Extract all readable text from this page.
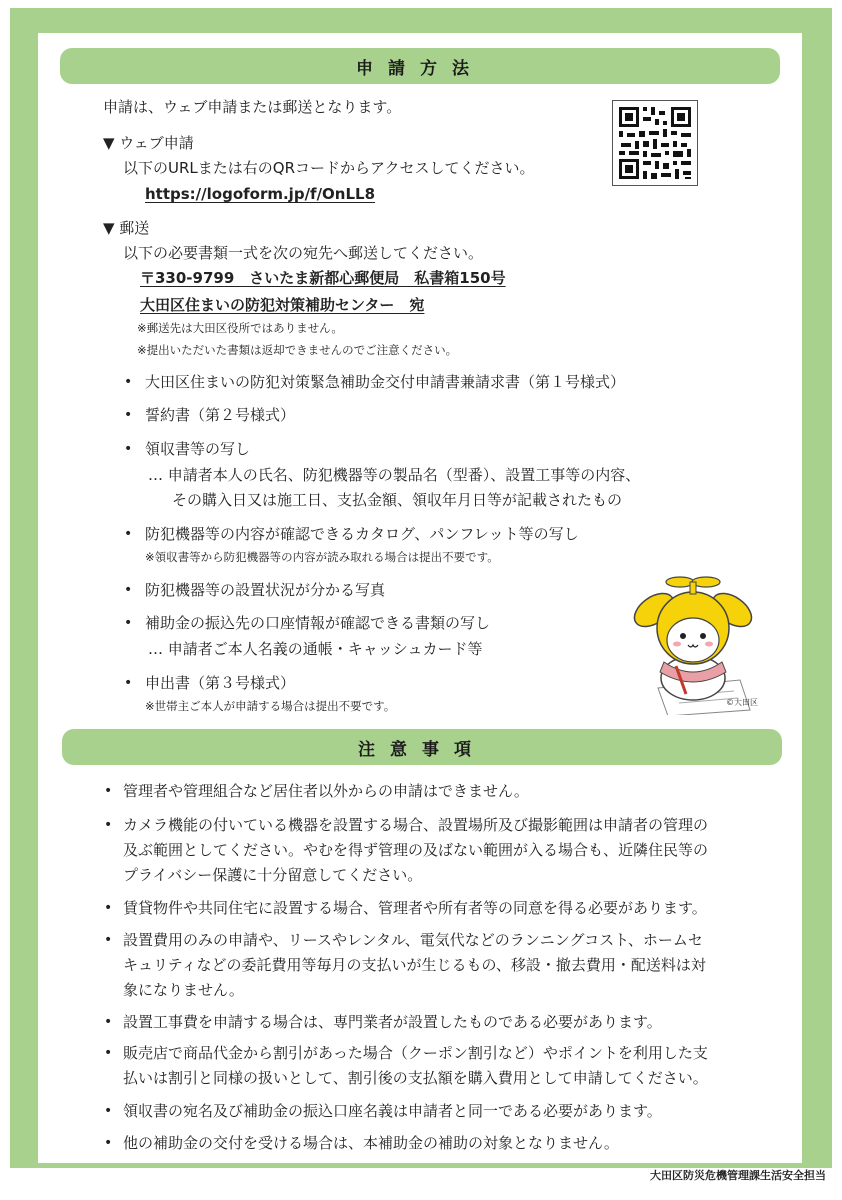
申請方法
申請は、ウェブ申請または郵送となります。
▼ ウェブ申請
以下のURLまたは右のQRコードからアクセスしてください。
https://logoform.jp/f/OnLL8
▼ 郵送
以下の必要書類一式を次の宛先へ郵送してください。
〒330-9799　さいたま新都心郵便局　私書箱150号
大田区住まいの防犯対策補助センター　宛
※郵送先は大田区役所ではありません。
※提出いただいた書類は返却できませんのでご注意ください。
• 大田区住まいの防犯対策緊急補助金交付申請書兼請求書（第１号様式）
• 誓約書（第２号様式）
• 領収書等の写し
… 申請者本人の氏名、防犯機器等の製品名（型番）、設置工事等の内容、
その購入日又は施工日、支払金額、領収年月日等が記載されたもの
• 防犯機器等の内容が確認できるカタログ、パンフレット等の写し
※領収書等から防犯機器等の内容が読み取れる場合は提出不要です。
• 防犯機器等の設置状況が分かる写真
• 補助金の振込先の口座情報が確認できる書類の写し
… 申請者ご本人名義の通帳・キャッシュカード等
• 申出書（第３号様式）
※世帯主ご本人が申請する場合は提出不要です。	©大田区
注意事項
• 管理者や管理組合など居住者以外からの申請はできません。
• カメラ機能の付いている機器を設置する場合、設置場所及び撮影範囲は申請者の管理の
及ぶ範囲としてください。やむを得ず管理の及ばない範囲が入る場合も、近隣住民等の
プライバシー保護に十分留意してください。
• 賃貸物件や共同住宅に設置する場合、管理者や所有者等の同意を得る必要があります。
• 設置費用のみの申請や、リースやレンタル、電気代などのランニングコスト、ホームセ
キュリティなどの委託費用等毎月の支払いが生じるもの、移設・撤去費用・配送料は対
象になりません。
• 設置工事費を申請する場合は、専門業者が設置したものである必要があります。
• 販売店で商品代金から割引があった場合（クーポン割引など）やポイントを利用した支
払いは割引と同様の扱いとして、割引後の支払額を購入費用として申請してください。
• 領収書の宛名及び補助金の振込口座名義は申請者と同一である必要があります。
• 他の補助金の交付を受ける場合は、本補助金の補助の対象となりません。
大田区防災危機管理課生活安全担当
